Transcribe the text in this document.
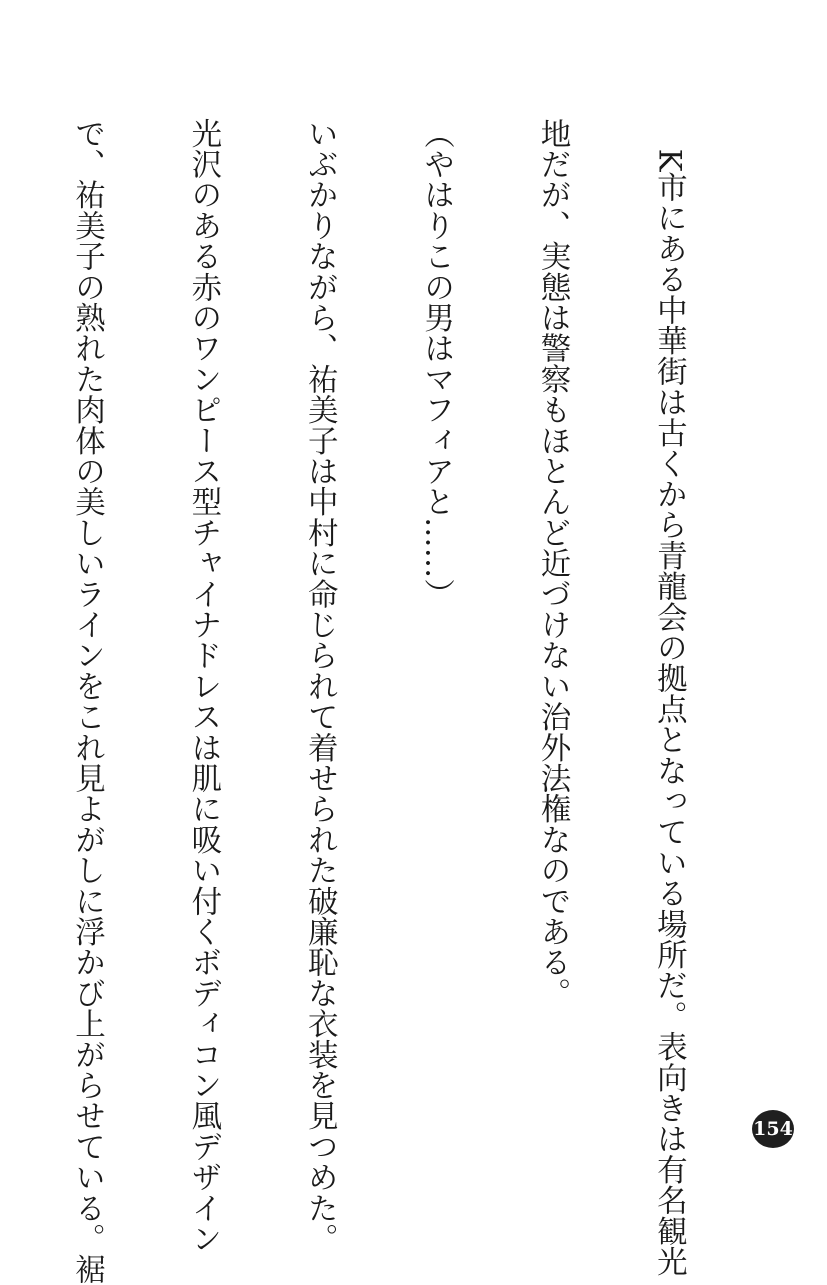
　K市にある中華街は古くから青龍会の拠点となっている場所だ。表向きは有名観光

地だが、実態は警察もほとんど近づけない治外法権なのである。

（やはりこの男はマフィアと……）

いぶかりながら、祐美子は中村に命じられて着せられた破廉恥な衣装を見つめた。

光沢のある赤のワンピース型チャイナドレスは肌に吸い付くボディコン風デザイン

で、祐美子の熟れた肉体の美しいラインをこれ見よがしに浮かび上がらせている。裾

	154
